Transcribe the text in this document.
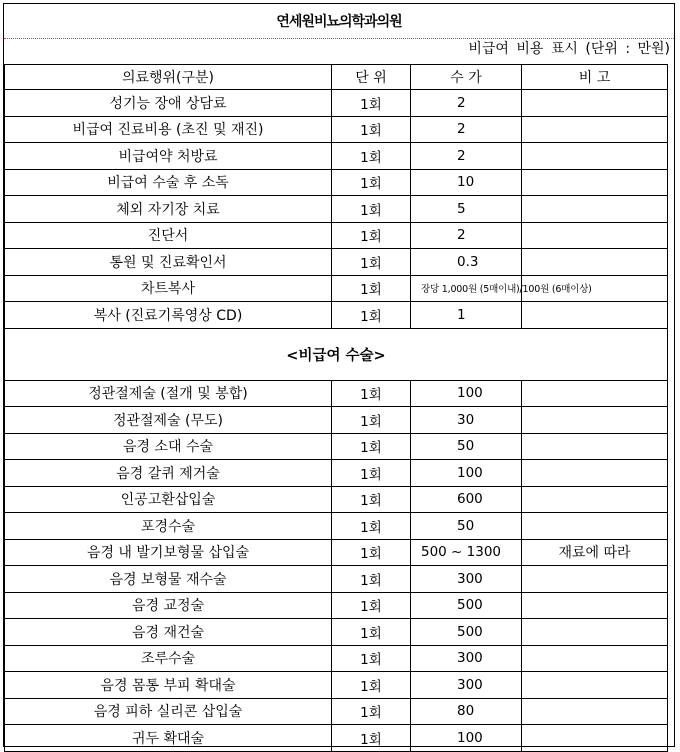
연세원비뇨의학과의원
비급여 비용 표시 (단위 : 만원)
의료행위(구분)	단 위	수 가	비 고
성기능 장애 상담료	1회	2	
비급여 진료비용 (초진 및 재진)	1회	2	
비급여약 처방료	1회	2	
비급여 수술 후 소독	1회	10	
체외 자기장 치료	1회	5	
진단서	1회	2	
통원 및 진료확인서	1회	0.3	
차트복사	1회	장당 1,000원 (5매이내)/100원 (6매이상)	
복사 (진료기록영상 CD)	1회	1	
<비급여 수술>			
정관절제술 (절개 및 봉합)	1회	100	
정관절제술 (무도)	1회	30	
음경 소대 수술	1회	50	
음경 갈퀴 제거술	1회	100	
인공고환삽입술	1회	600	
포경수술	1회	50	
음경 내 발기보형물 삽입술	1회	500 ~ 1300	재료에 따라
음경 보형물 재수술	1회	300	
음경 교정술	1회	500	
음경 재건술	1회	500	
조루수술	1회	300	
음경 몸통 부피 확대술	1회	300	
음경 피하 실리콘 삽입술	1회	80	
귀두 확대술	1회	100	
